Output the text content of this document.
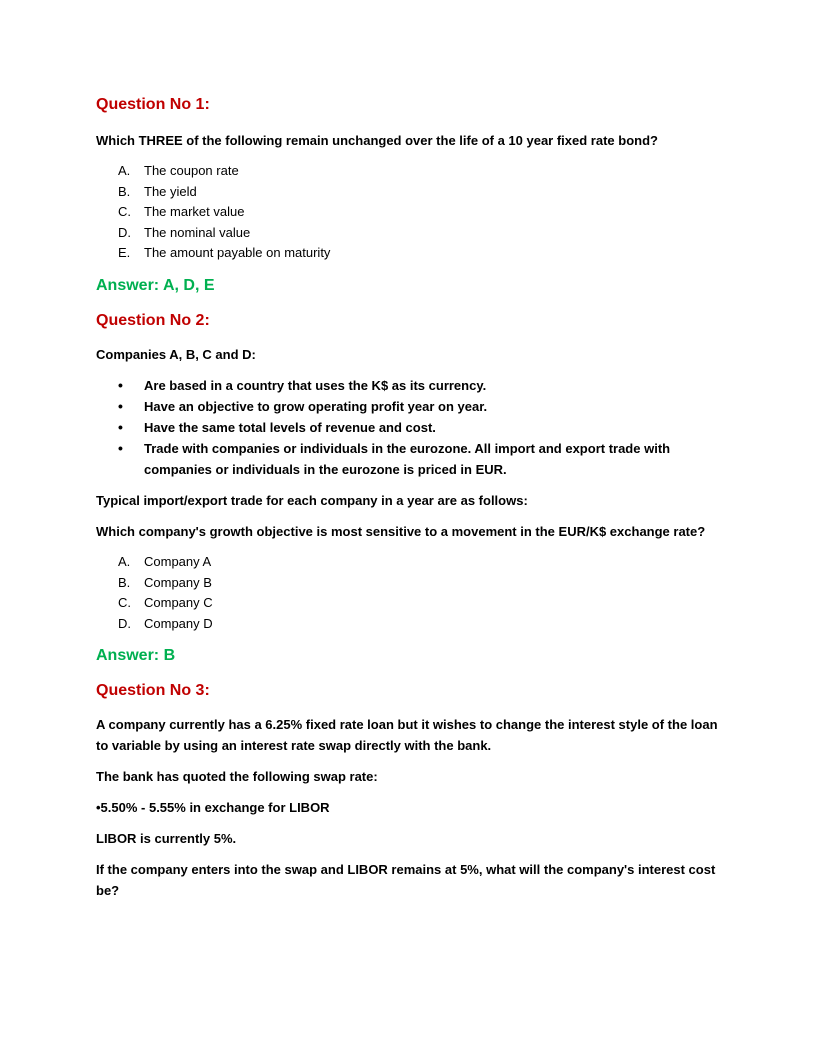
Question No 1:

Which THREE of the following remain unchanged over the life of a 10 year fixed rate bond?

A.	The coupon rate
B.	The yield
C.	The market value
D.	The nominal value
E.	The amount payable on maturity

Answer: A, D, E

Question No 2:

Companies A, B, C and D:

•	Are based in a country that uses the K$ as its currency.
•	Have an objective to grow operating profit year on year.
•	Have the same total levels of revenue and cost.
•	Trade with companies or individuals in the eurozone. All import and export trade with companies or individuals in the eurozone is priced in EUR.

Typical import/export trade for each company in a year are as follows:

Which company's growth objective is most sensitive to a movement in the EUR/K$ exchange rate?

A.	Company A
B.	Company B
C.	Company C
D.	Company D

Answer: B

Question No 3:

A company currently has a 6.25% fixed rate loan but it wishes to change the interest style of the loan to variable by using an interest rate swap directly with the bank.

The bank has quoted the following swap rate:

•5.50% - 5.55% in exchange for LIBOR

LIBOR is currently 5%.

If the company enters into the swap and LIBOR remains at 5%, what will the company's interest cost be?
